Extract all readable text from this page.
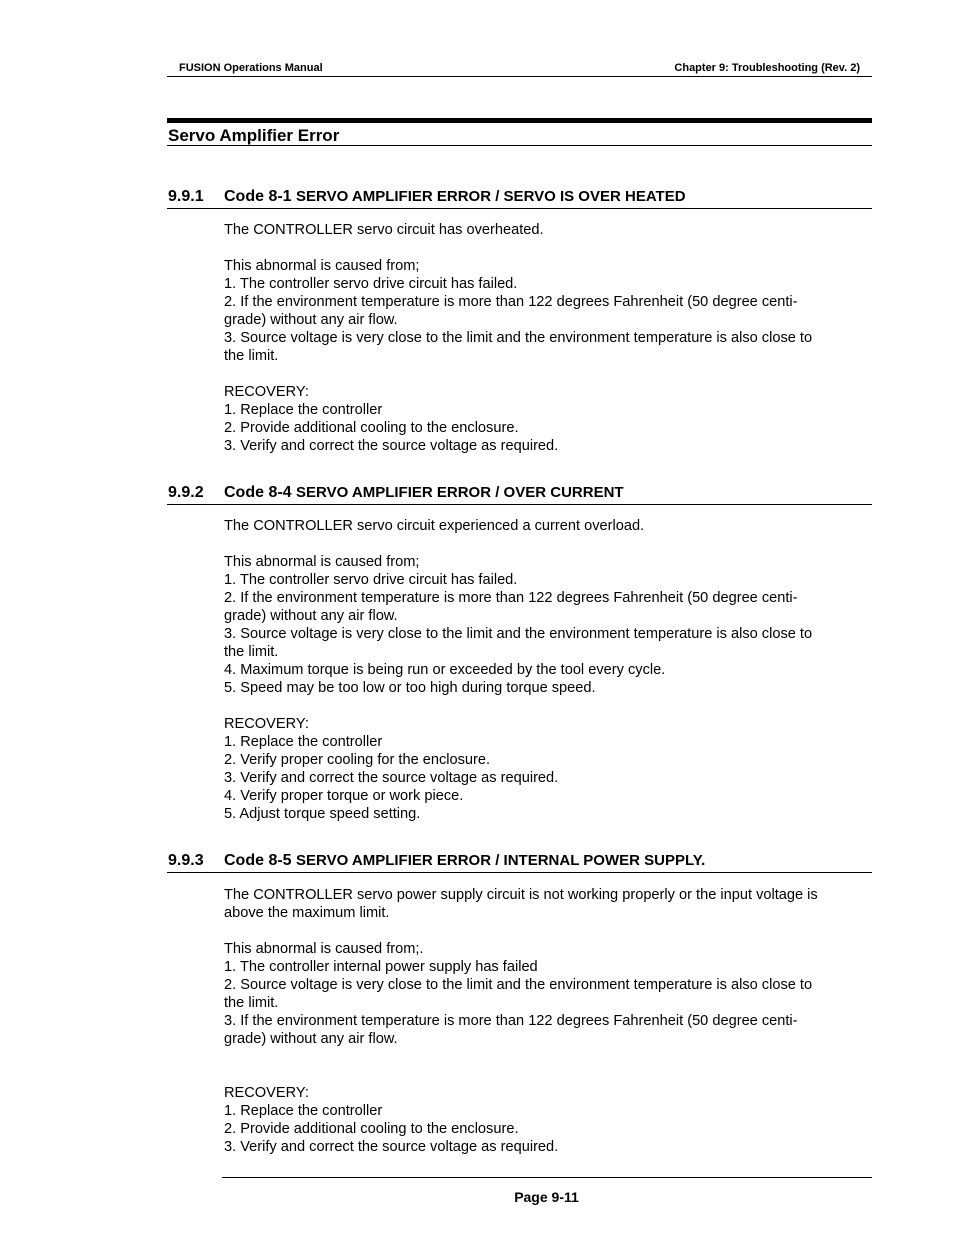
FUSION Operations Manual	Chapter 9: Troubleshooting (Rev. 2)
Servo Amplifier Error
9.9.1 Code 8-1 SERVO AMPLIFIER ERROR / SERVO IS OVER HEATED
The CONTROLLER servo circuit has overheated.
This abnormal is caused from;
1. The controller servo drive circuit has failed.
2. If the environment temperature is more than 122 degrees Fahrenheit (50 degree centi-
grade) without any air flow.
3. Source voltage is very close to the limit and the environment temperature is also close to
the limit.
RECOVERY:
1. Replace the controller
2. Provide additional cooling to the enclosure.
3. Verify and correct the source voltage as required.
9.9.2 Code 8-4 SERVO AMPLIFIER ERROR / OVER CURRENT
The CONTROLLER servo circuit experienced a current overload.
This abnormal is caused from;
1. The controller servo drive circuit has failed.
2. If the environment temperature is more than 122 degrees Fahrenheit (50 degree centi-
grade) without any air flow.
3. Source voltage is very close to the limit and the environment temperature is also close to
the limit.
4. Maximum torque is being run or exceeded by the tool every cycle.
5. Speed may be too low or too high during torque speed.
RECOVERY:
1. Replace the controller
2. Verify proper cooling for the enclosure.
3. Verify and correct the source voltage as required.
4. Verify proper torque or work piece.
5. Adjust torque speed setting.
9.9.3 Code 8-5 SERVO AMPLIFIER ERROR / INTERNAL POWER SUPPLY.
The CONTROLLER servo power supply circuit is not working properly or the input voltage is
above the maximum limit.
This abnormal is caused from;.
1. The controller internal power supply has failed
2. Source voltage is very close to the limit and the environment temperature is also close to
the limit.
3. If the environment temperature is more than 122 degrees Fahrenheit (50 degree centi-
grade) without any air flow.
RECOVERY:
1. Replace the controller
2. Provide additional cooling to the enclosure.
3. Verify and correct the source voltage as required.
Page 9-11
